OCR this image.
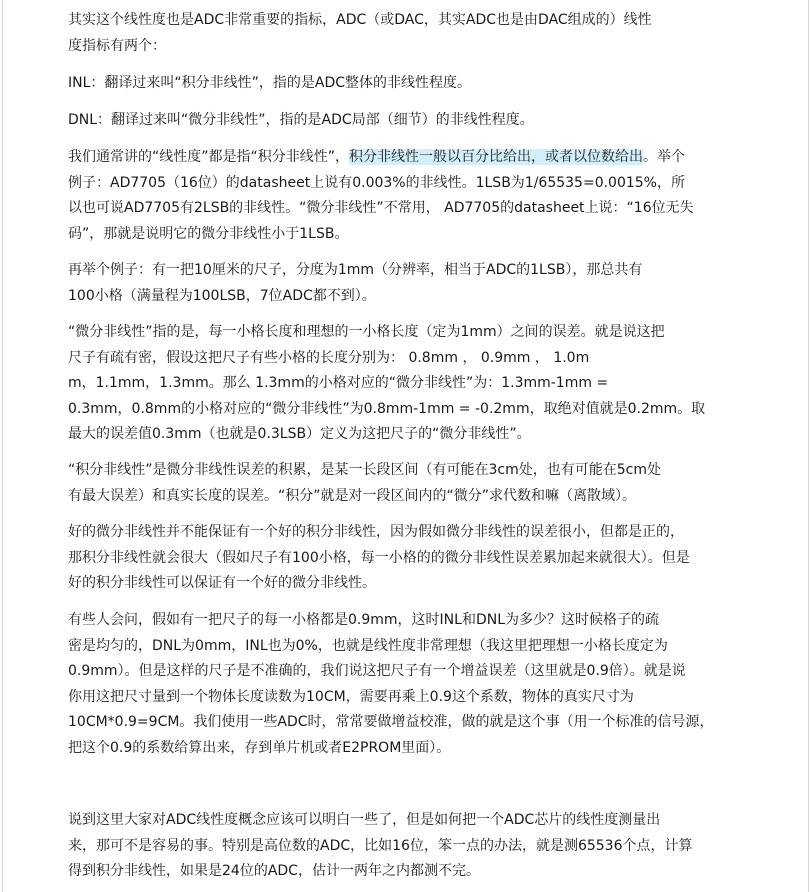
其实这个线性度也是ADC非常重要的指标，ADC（或DAC，其实ADC也是由DAC组成的）线性
度指标有两个：
INL：翻译过来叫“积分非线性”，指的是ADC整体的非线性程度。
DNL：翻译过来叫“微分非线性”，指的是ADC局部（细节）的非线性程度。
我们通常讲的“线性度”都是指“积分非线性”，积分非线性一般以百分比给出，或者以位数给出。举个
例子：AD7705（16位）的datasheet上说有0.003%的非线性。1LSB为1/65535=0.0015%，所
以也可说AD7705有2LSB的非线性。“微分非线性”不常用， AD7705的datasheet上说：“16位无失
码”，那就是说明它的微分非线性小于1LSB。
再举个例子：有一把10厘米的尺子，分度为1mm（分辨率，相当于ADC的1LSB），那总共有
100小格（满量程为100LSB，7位ADC都不到）。
“微分非线性”指的是，每一小格长度和理想的一小格长度（定为1mm）之间的误差。就是说这把
尺子有疏有密，假设这把尺子有些小格的长度分别为： 0.8mm ， 0.9mm ， 1.0m
m，1.1mm，1.3mm。那么 1.3mm的小格对应的“微分非线性”为：1.3mm-1mm =
0.3mm，0.8mm的小格对应的“微分非线性”为0.8mm-1mm = -0.2mm，取绝对值就是0.2mm。取
最大的误差值0.3mm（也就是0.3LSB）定义为这把尺子的“微分非线性”。
“积分非线性”是微分非线性误差的积累，是某一长段区间（有可能在3cm处，也有可能在5cm处
有最大误差）和真实长度的误差。“积分”就是对一段区间内的“微分”求代数和嘛（离散域）。
好的微分非线性并不能保证有一个好的积分非线性，因为假如微分非线性的误差很小，但都是正的，
那积分非线性就会很大（假如尺子有100小格，每一小格的的微分非线性误差累加起来就很大）。但是
好的积分非线性可以保证有一个好的微分非线性。
有些人会问，假如有一把尺子的每一小格都是0.9mm，这时INL和DNL为多少？这时候格子的疏
密是均匀的，DNL为0mm，INL也为0%，也就是线性度非常理想（我这里把理想一小格长度定为
0.9mm）。但是这样的尺子是不准确的，我们说这把尺子有一个增益误差（这里就是0.9倍）。就是说
你用这把尺寸量到一个物体长度读数为10CM，需要再乘上0.9这个系数，物体的真实尺寸为
10CM*0.9=9CM。我们使用一些ADC时，常常要做增益校准，做的就是这个事（用一个标准的信号源，
把这个0.9的系数给算出来，存到单片机或者E2PROM里面）。
说到这里大家对ADC线性度概念应该可以明白一些了，但是如何把一个ADC芯片的线性度测量出
来，那可不是容易的事。特别是高位数的ADC，比如16位，笨一点的办法，就是测65536个点，计算
得到积分非线性，如果是24位的ADC，估计一两年之内都测不完。
